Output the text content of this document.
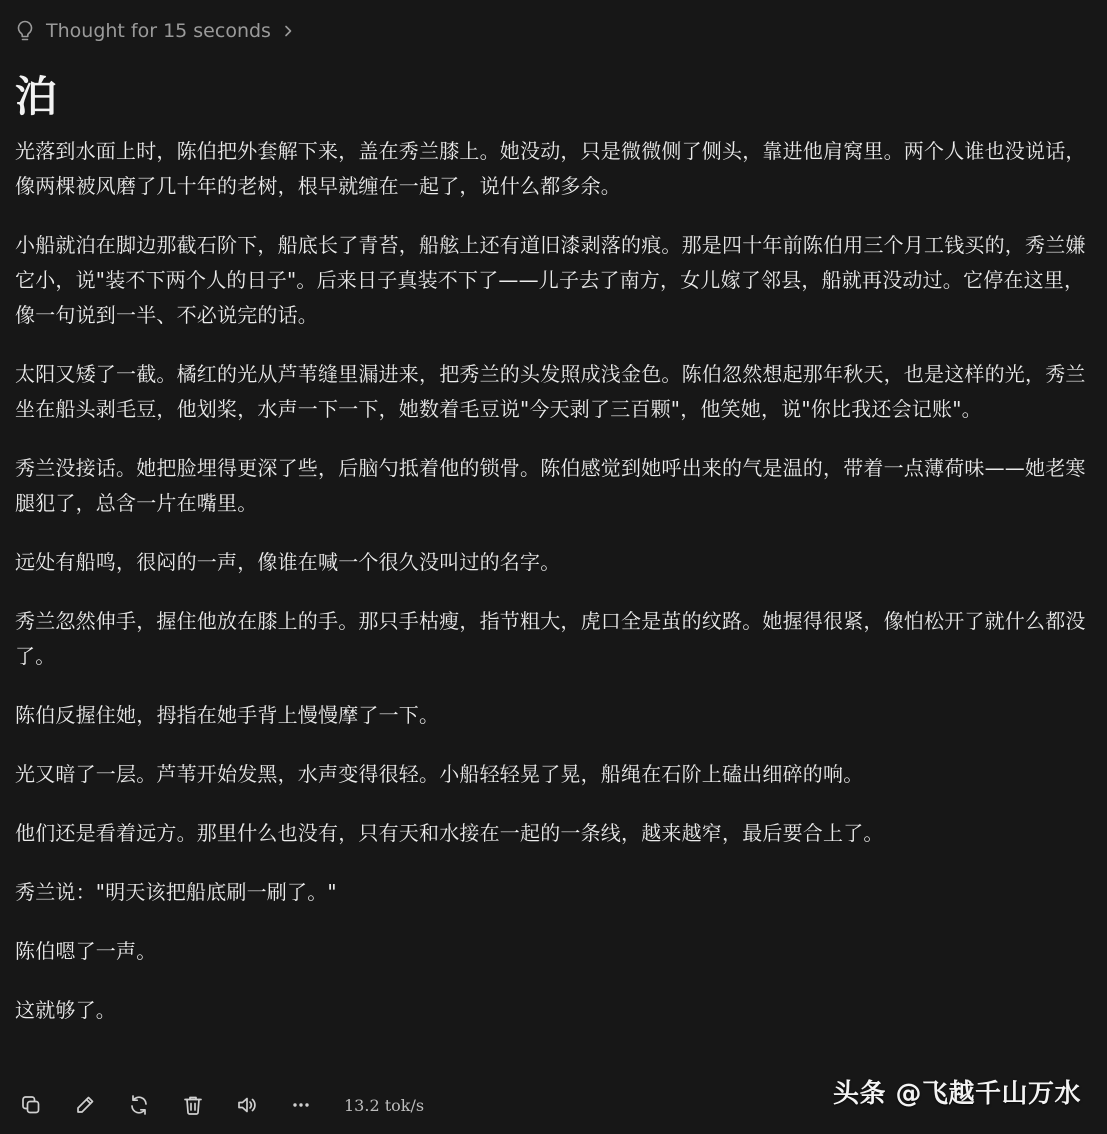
Thought for 15 seconds
泊

光落到水面上时，陈伯把外套解下来，盖在秀兰膝上。她没动，只是微微侧了侧头，靠进他肩窝里。两个人谁也没说话，像两棵被风磨了几十年的老树，根早就缠在一起了，说什么都多余。

小船就泊在脚边那截石阶下，船底长了青苔，船舷上还有道旧漆剥落的痕。那是四十年前陈伯用三个月工钱买的，秀兰嫌它小，说"装不下两个人的日子"。后来日子真装不下了——儿子去了南方，女儿嫁了邻县，船就再没动过。它停在这里，像一句说到一半、不必说完的话。

太阳又矮了一截。橘红的光从芦苇缝里漏进来，把秀兰的头发照成浅金色。陈伯忽然想起那年秋天，也是这样的光，秀兰坐在船头剥毛豆，他划桨，水声一下一下，她数着毛豆说"今天剥了三百颗"，他笑她，说"你比我还会记账"。

秀兰没接话。她把脸埋得更深了些，后脑勺抵着他的锁骨。陈伯感觉到她呼出来的气是温的，带着一点薄荷味——她老寒腿犯了，总含一片在嘴里。

远处有船鸣，很闷的一声，像谁在喊一个很久没叫过的名字。

秀兰忽然伸手，握住他放在膝上的手。那只手枯瘦，指节粗大，虎口全是茧的纹路。她握得很紧，像怕松开了就什么都没了。

陈伯反握住她，拇指在她手背上慢慢摩了一下。

光又暗了一层。芦苇开始发黑，水声变得很轻。小船轻轻晃了晃，船绳在石阶上磕出细碎的响。

他们还是看着远方。那里什么也没有，只有天和水接在一起的一条线，越来越窄，最后要合上了。

秀兰说："明天该把船底刷一刷了。"

陈伯嗯了一声。

这就够了。

13.2 tok/s	头条 @飞越千山万水
